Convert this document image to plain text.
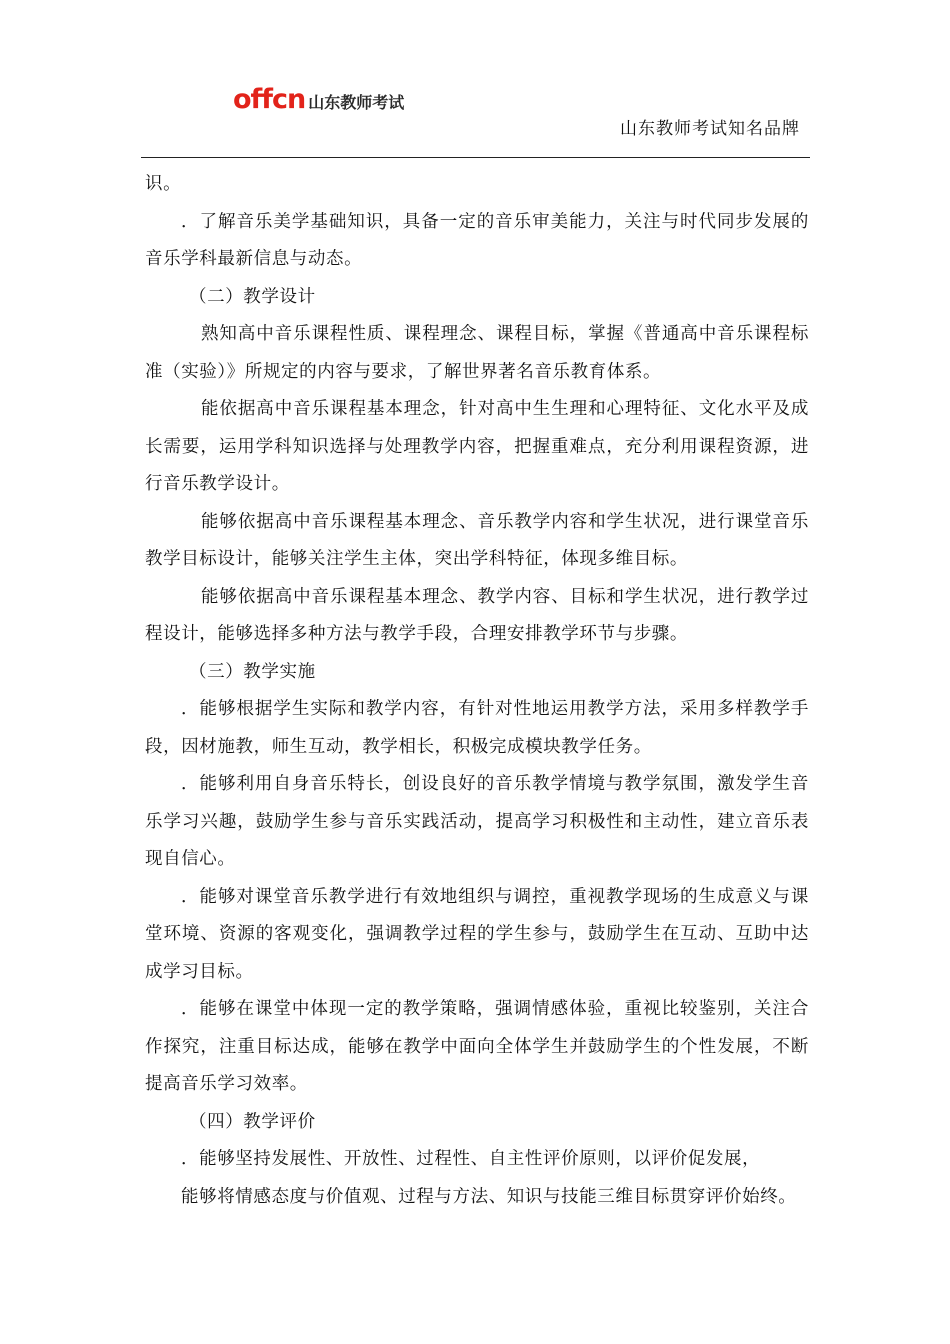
offcn 山东教师考试
山东教师考试知名品牌

识。

．了解音乐美学基础知识，具备一定的音乐审美能力，关注与时代同步发展的音乐学科最新信息与动态。

（二）教学设计

熟知高中音乐课程性质、课程理念、课程目标，掌握《普通高中音乐课程标准（实验）》所规定的内容与要求，了解世界著名音乐教育体系。

能依据高中音乐课程基本理念，针对高中生生理和心理特征、文化水平及成长需要，运用学科知识选择与处理教学内容，把握重难点，充分利用课程资源，进行音乐教学设计。

能够依据高中音乐课程基本理念、音乐教学内容和学生状况，进行课堂音乐教学目标设计，能够关注学生主体，突出学科特征，体现多维目标。

能够依据高中音乐课程基本理念、教学内容、目标和学生状况，进行教学过程设计，能够选择多种方法与教学手段，合理安排教学环节与步骤。

（三）教学实施

．能够根据学生实际和教学内容，有针对性地运用教学方法，采用多样教学手段，因材施教，师生互动，教学相长，积极完成模块教学任务。

．能够利用自身音乐特长，创设良好的音乐教学情境与教学氛围，激发学生音乐学习兴趣，鼓励学生参与音乐实践活动，提高学习积极性和主动性，建立音乐表现自信心。

．能够对课堂音乐教学进行有效地组织与调控，重视教学现场的生成意义与课堂环境、资源的客观变化，强调教学过程的学生参与，鼓励学生在互动、互助中达成学习目标。

．能够在课堂中体现一定的教学策略，强调情感体验，重视比较鉴别，关注合作探究，注重目标达成，能够在教学中面向全体学生并鼓励学生的个性发展，不断提高音乐学习效率。

（四）教学评价

．能够坚持发展性、开放性、过程性、自主性评价原则，以评价促发展，

能够将情感态度与价值观、过程与方法、知识与技能三维目标贯穿评价始终。
